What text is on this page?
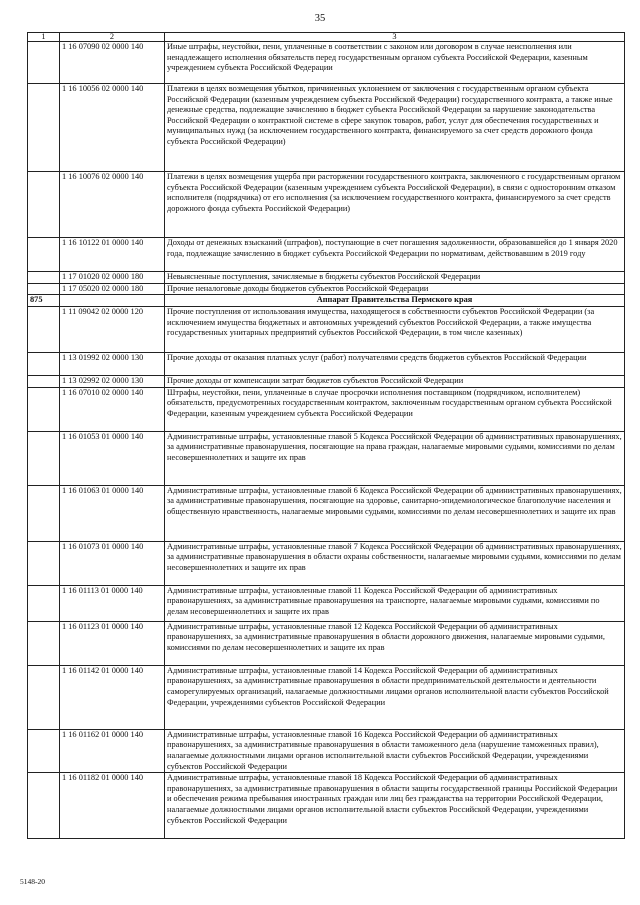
35
1	2	3
	1 16 07090 02 0000 140	Иные штрафы, неустойки, пени, уплаченные в соответствии с законом или договором в случае неисполнения или ненадлежащего исполнения обязательств перед государственным органом субъекта Российской Федерации, казенным учреждением субъекта Российской Федерации
	1 16 10056 02 0000 140	Платежи в целях возмещения убытков, причиненных уклонением от заключения с государственным органом субъекта Российской Федерации (казенным учреждением субъекта Российской Федерации) государственного контракта, а также иные денежные средства, подлежащие зачислению в бюджет субъекта Российской Федерации за нарушение законодательства Российской Федерации о контрактной системе в сфере закупок товаров, работ, услуг для обеспечения государственных и муниципальных нужд (за исключением государственного контракта, финансируемого за счет средств дорожного фонда субъекта Российской Федерации)
	1 16 10076 02 0000 140	Платежи в целях возмещения ущерба при расторжении государственного контракта, заключенного с государственным органом субъекта Российской Федерации (казенным учреждением субъекта Российской Федерации), в связи с односторонним отказом исполнителя (подрядчика) от его исполнения (за исключением государственного контракта, финансируемого за счет средств дорожного фонда субъекта Российской Федерации)
	1 16 10122 01 0000 140	Доходы от денежных взысканий (штрафов), поступающие в счет погашения задолженности, образовавшейся до 1 января 2020 года, подлежащие зачислению в бюджет субъекта Российской Федерации по нормативам, действовавшим в 2019 году
	1 17 01020 02 0000 180	Невыясненные поступления, зачисляемые в бюджеты субъектов Российской Федерации
	1 17 05020 02 0000 180	Прочие неналоговые доходы бюджетов субъектов Российской Федерации
875		Аппарат Правительства Пермского края
	1 11 09042 02 0000 120	Прочие поступления от использования имущества, находящегося в собственности субъектов Российской Федерации (за исключением имущества бюджетных и автономных учреждений субъектов Российской Федерации, а также имущества государственных унитарных предприятий субъектов Российской Федерации, в том числе казенных)
	1 13 01992 02 0000 130	Прочие доходы от оказания платных услуг (работ) получателями средств бюджетов субъектов Российской Федерации
	1 13 02992 02 0000 130	Прочие доходы от компенсации затрат бюджетов субъектов Российской Федерации
	1 16 07010 02 0000 140	Штрафы, неустойки, пени, уплаченные в случае просрочки исполнения поставщиком (подрядчиком, исполнителем) обязательств, предусмотренных государственным контрактом, заключенным государственным органом субъекта Российской Федерации, казенным учреждением субъекта Российской Федерации
	1 16 01053 01 0000 140	Административные штрафы, установленные главой 5 Кодекса Российской Федерации об административных правонарушениях, за административные правонарушения, посягающие на права граждан, налагаемые мировыми судьями, комиссиями по делам несовершеннолетних и защите их прав
	1 16 01063 01 0000 140	Административные штрафы, установленные главой 6 Кодекса Российской Федерации об административных правонарушениях, за административные правонарушения, посягающие на здоровье, санитарно-эпидемиологическое благополучие населения и общественную нравственность, налагаемые мировыми судьями, комиссиями по делам несовершеннолетних и защите их прав
	1 16 01073 01 0000 140	Административные штрафы, установленные главой 7 Кодекса Российской Федерации об административных правонарушениях, за административные правонарушения в области охраны собственности, налагаемые мировыми судьями, комиссиями по делам несовершеннолетних и защите их прав
	1 16 01113 01 0000 140	Административные штрафы, установленные главой 11 Кодекса Российской Федерации об административных правонарушениях, за административные правонарушения на транспорте, налагаемые мировыми судьями, комиссиями по делам несовершеннолетних и защите их прав
	1 16 01123 01 0000 140	Административные штрафы, установленные главой 12 Кодекса Российской Федерации об административных правонарушениях, за административные правонарушения в области дорожного движения, налагаемые мировыми судьями, комиссиями по делам несовершеннолетних и защите их прав
	1 16 01142 01 0000 140	Административные штрафы, установленные главой 14 Кодекса Российской Федерации об административных правонарушениях, за административные правонарушения в области предпринимательской деятельности и деятельности саморегулируемых организаций, налагаемые должностными лицами органов исполнительной власти субъектов Российской Федерации, учреждениями субъектов Российской Федерации
	1 16 01162 01 0000 140	Административные штрафы, установленные главой 16 Кодекса Российской Федерации об административных правонарушениях, за административные правонарушения в области таможенного дела (нарушение таможенных правил), налагаемые должностными лицами органов исполнительной власти субъектов Российской Федерации, учреждениями субъектов Российской Федерации
	1 16 01182 01 0000 140	Административные штрафы, установленные главой 18 Кодекса Российской Федерации об административных правонарушениях, за административные правонарушения в области защиты государственной границы Российской Федерации и обеспечения режима пребывания иностранных граждан или лиц без гражданства на территории Российской Федерации, налагаемые должностными лицами органов исполнительной власти субъектов Российской Федерации, учреждениями субъектов Российской Федерации
5148-20
